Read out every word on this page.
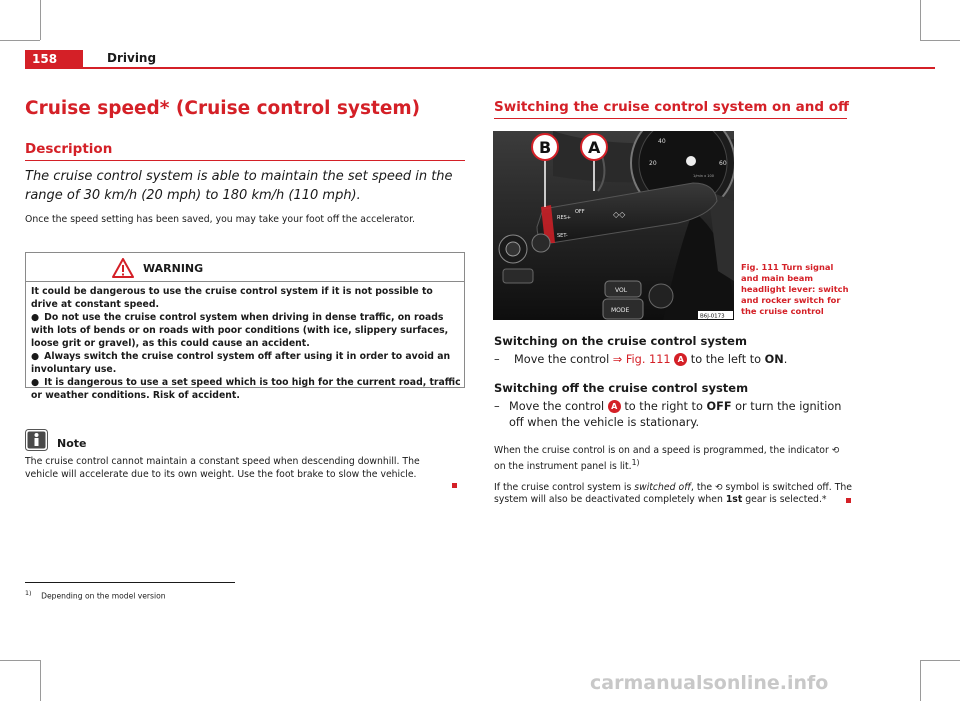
158	Driving
Cruise speed* (Cruise control system)
Description
The cruise control system is able to maintain the set speed in the range of 30 km/h (20 mph) to 180 km/h (110 mph).
Once the speed setting has been saved, you may take your foot off the accelerator.
WARNING

It could be dangerous to use the cruise control system if it is not possible to drive at constant speed.

● Do not use the cruise control system when driving in dense traffic, on roads with lots of bends or on roads with poor conditions (with ice, slippery surfaces, loose grit or gravel), as this could cause an accident.

● Always switch the cruise control system off after using it in order to avoid an involuntary use.

● It is dangerous to use a set speed which is too high for the current road, traffic or weather conditions. Risk of accident.

Note
The cruise control cannot maintain a constant speed when descending downhill. The vehicle will accelerate due to its own weight. Use the foot brake to slow the vehicle.
Switching the cruise control system on and off
20
40
60
1/min x 100
RES+
OFF
SET-
◇◇
VOL
MODE
B A
B6J-0173
Fig. 111 Turn signal and main beam headlight lever: switch and rocker switch for the cruise control
Switching on the cruise control system
– Move the control ⇒ Fig. 111 A to the left to ON.
Switching off the cruise control system
– Move the control A to the right to OFF or turn the ignition off when the vehicle is stationary.
When the cruise control is on and a speed is programmed, the indicator ⟲ on the instrument panel is lit.$^{1)}$
If the cruise control system is switched off, the ⟲ symbol is switched off. The system will also be deactivated completely when 1st gear is selected.*
$^{1)}$ Depending on the model version
carmanualsonline.info
